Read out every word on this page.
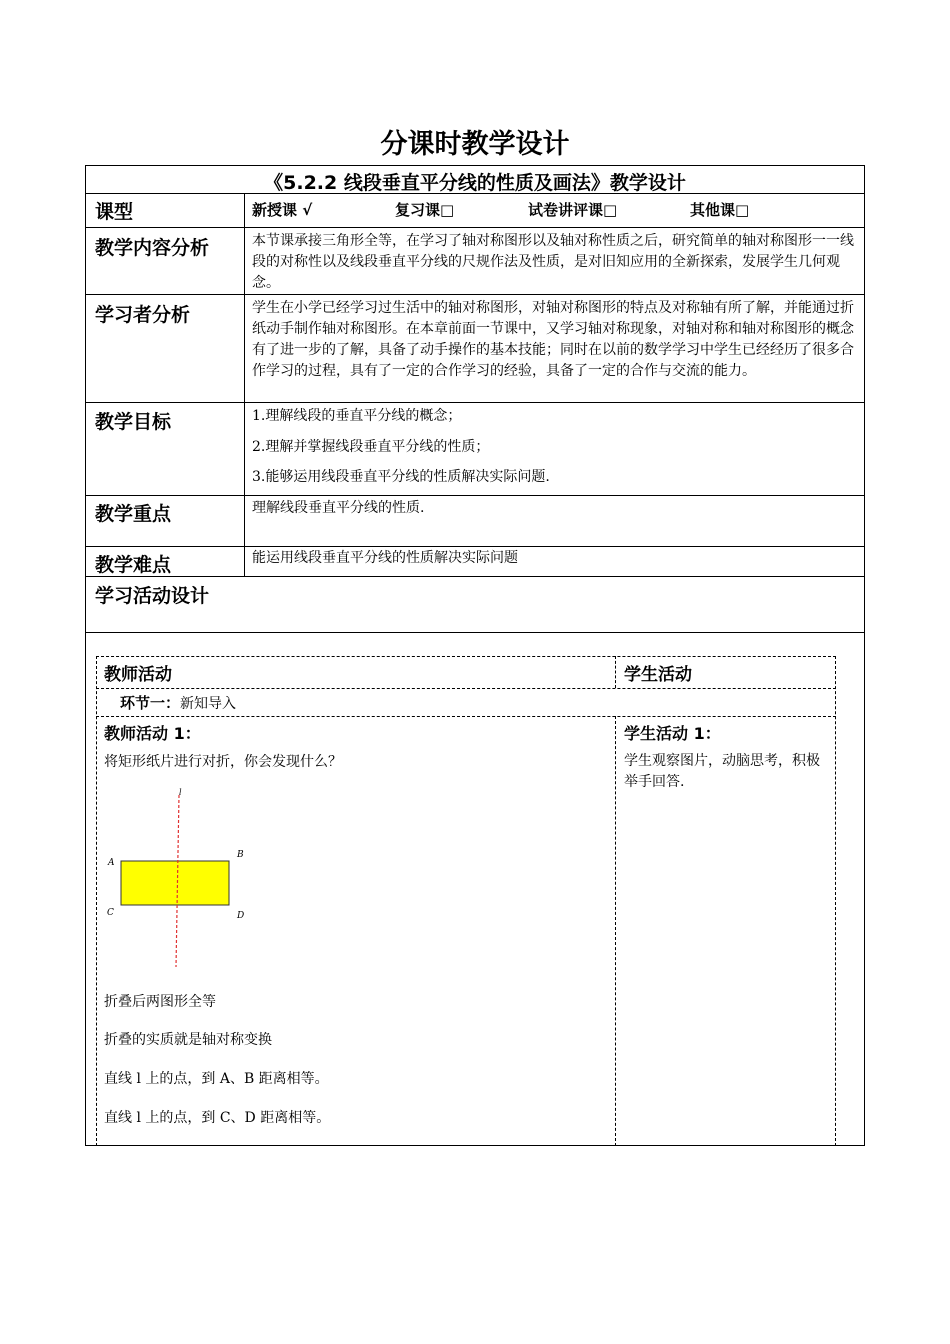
分课时教学设计
《5.2.2 线段垂直平分线的性质及画法》教学设计
课型	新授课 √	复习课□	试卷讲评课□	其他课□
教学内容分析	本节课承接三角形全等，在学习了轴对称图形以及轴对称性质之后，研究简单的轴对称图形一一线段的对称性以及线段垂直平分线的尺规作法及性质，是对旧知应用的全新探索，发展学生几何观念。
学习者分析	学生在小学已经学习过生活中的轴对称图形，对轴对称图形的特点及对称轴有所了解，并能通过折纸动手制作轴对称图形。在本章前面一节课中，又学习轴对称现象，对轴对称和轴对称图形的概念有了进一步的了解，具备了动手操作的基本技能；同时在以前的数学学习中学生已经经历了很多合作学习的过程，具有了一定的合作学习的经验，具备了一定的合作与交流的能力。
教学目标	1.理解线段的垂直平分线的概念；
2.理解并掌握线段垂直平分线的性质；
3.能够运用线段垂直平分线的性质解决实际问题.
教学重点	理解线段垂直平分线的性质.
教学难点	能运用线段垂直平分线的性质解决实际问题
学习活动设计
教师活动	学生活动
环节一：新知导入
教师活动 1：
将矩形纸片进行对折，你会发现什么？
l
A
B
C	D
折叠后两图形全等
折叠的实质就是轴对称变换
直线 l 上的点，到 A、B 距离相等。
直线 l 上的点，到 C、D 距离相等。
学生活动 1：
学生观察图片，动脑思考，积极举手回答.
